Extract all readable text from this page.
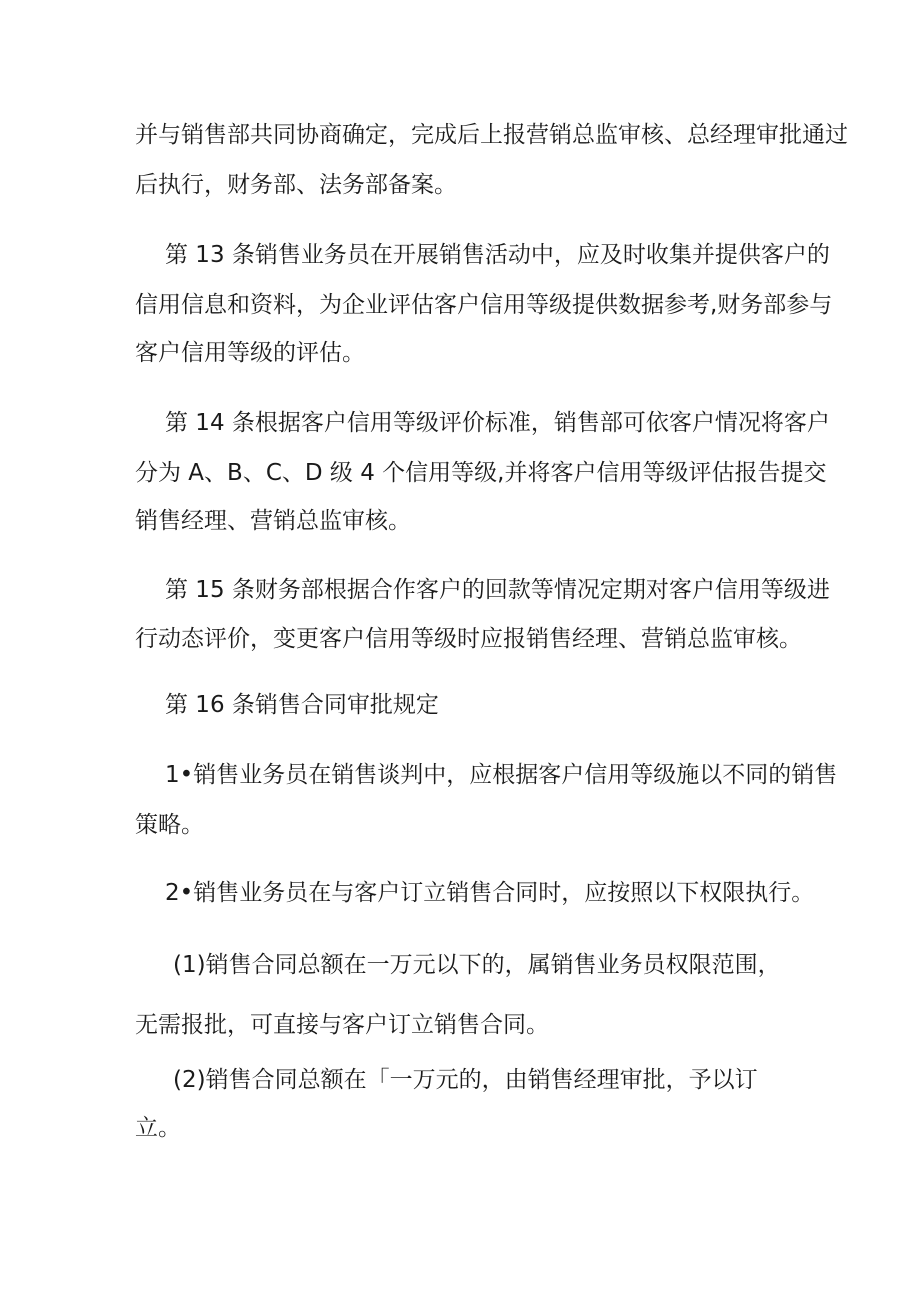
并与销售部共同协商确定，完成后上报营销总监审核、总经理审批通过
后执行，财务部、法务部备案。
第 13 条销售业务员在开展销售活动中，应及时收集并提供客户的
信用信息和资料，为企业评估客户信用等级提供数据参考,财务部参与
客户信用等级的评估。
第 14 条根据客户信用等级评价标准，销售部可依客户情况将客户
分为 A、B、C、D 级 4 个信用等级,并将客户信用等级评估报告提交
销售经理、营销总监审核。
第 15 条财务部根据合作客户的回款等情况定期对客户信用等级进
行动态评价，变更客户信用等级时应报销售经理、营销总监审核。
第 16 条销售合同审批规定
1•销售业务员在销售谈判中，应根据客户信用等级施以不同的销售
策略。
2•销售业务员在与客户订立销售合同时，应按照以下权限执行。
(1)销售合同总额在一万元以下的，属销售业务员权限范围，
无需报批，可直接与客户订立销售合同。
(2)销售合同总额在「一万元的，由销售经理审批，予以订
立。
